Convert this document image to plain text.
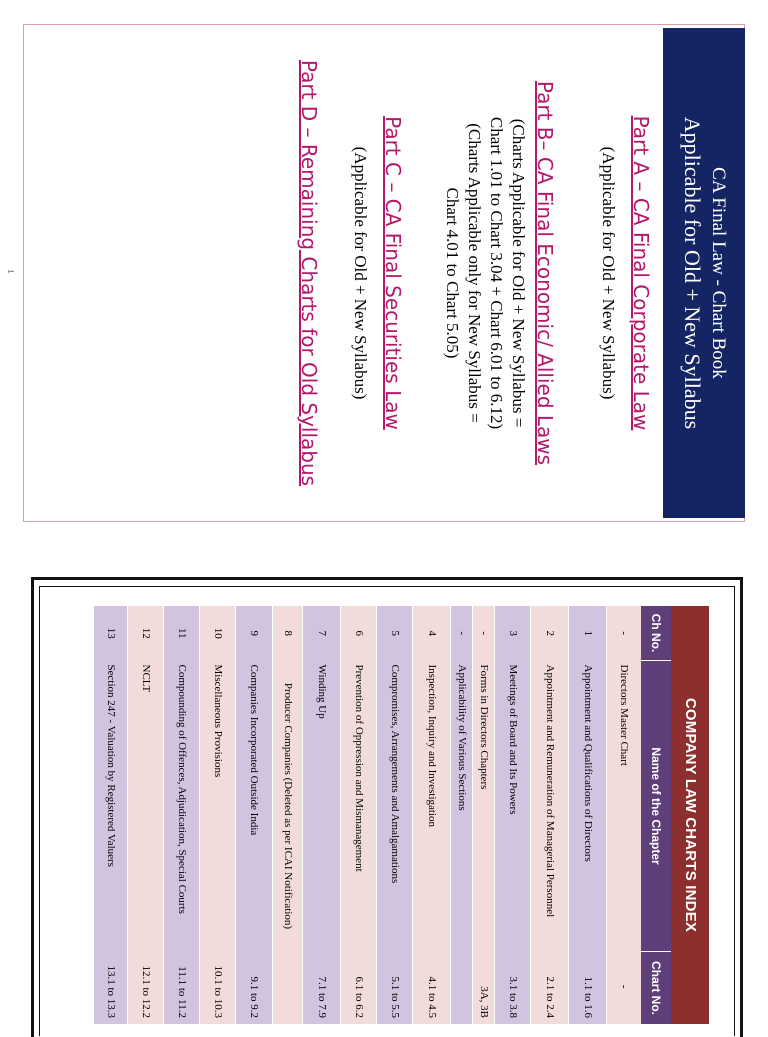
CA Final Law - Chart Book
Applicable for Old + New Syllabus
Part A – CA Final Corporate Law
(Applicable for Old + New Syllabus)
Part B– CA Final Economic/ Allied Laws
(Charts Applicable for Old + New Syllabus =
Chart 1.01 to Chart 3.04 + Chart 6.01 to 6.12)
(Charts Applicable only for New Syllabus =
Chart 4.01 to Chart 5.05)
Part C – CA Final Securities Law
(Applicable for Old + New Syllabus)
Part D – Remaining Charts for Old Syllabus
1
2	COMPANY LAW CHARTS INDEX
Ch No.	Name of the Chapter	Chart No.
-	Directors Master Chart	-
1	Appointment and Qualifications of Directors	1.1 to 1.6
2	Appointment and Remuneration of Managerial Personnel	2.1 to 2.4
3	Meetings of Board and Its Powers	3.1 to 3.8
-	Forms in Directors Chapters	3A, 3B
-	Applicability of Various Sections	
4	Inspection, Inquiry and Investigation	4.1 to 4.5
5	Compromises, Arrangements and Amalgamations	5.1 to 5.5
6	Prevention of Oppression and Mismanagement	6.1 to 6.2
7	Winding Up	7.1 to 7.9
8	Producer Companies (Deleted as per ICAI Notification)	
9	Companies Incorporated Outside India	9.1 to 9.2
10	Miscellaneous Provisions	10.1 to 10.3
11	Compounding of Offences, Adjudication, Special Courts	11.1 to 11.2
12	NCLT	12.1 to 12.2
13	Section 247 - Valuation by Registered Valuers	13.1 to 13.3
